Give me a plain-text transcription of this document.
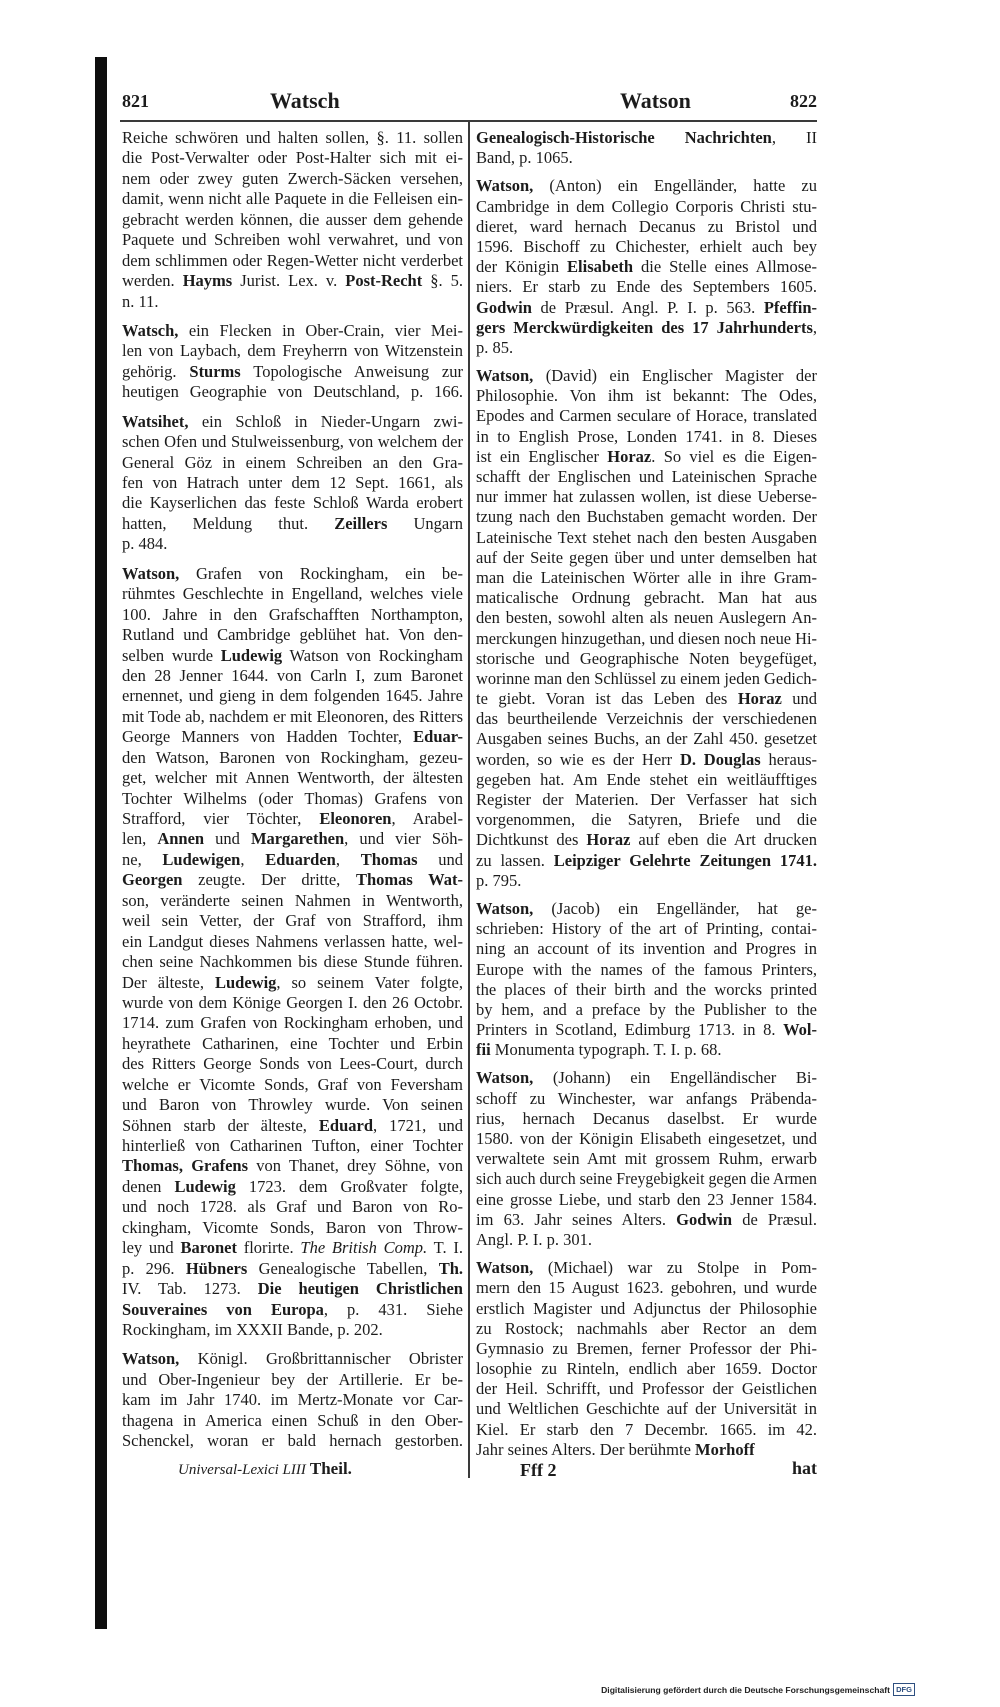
821	Watsch	Watson	822
Reiche schwören und halten sollen, §. 11. sollen
die Post-Verwalter oder Post-Halter sich mit ei-
nem oder zwey guten Zwerch-Säcken versehen,
damit, wenn nicht alle Paquete in die Felleisen ein-
gebracht werden können, die ausser dem gehende
Paquete und Schreiben wohl verwahret, und von
dem schlimmen oder Regen-Wetter nicht verderbet
werden. Hayms Jurist. Lex. v. Post-Recht §. 5.
n. 11.
Watsch, ein Flecken in Ober-Crain, vier Mei-
len von Laybach, dem Freyherrn von Witzenstein
gehörig. Sturms Topologische Anweisung zur
heutigen Geographie von Deutschland, p. 166.
Watsihet, ein Schloß in Nieder-Ungarn zwi-
schen Ofen und Stulweissenburg, von welchem der
General Göz in einem Schreiben an den Gra-
fen von Hatrach unter dem 12 Sept. 1661, als
die Kayserlichen das feste Schloß Warda erobert
hatten, Meldung thut. Zeillers Ungarn
p. 484.
Watson, Grafen von Rockingham, ein be-
rühmtes Geschlechte in Engelland, welches viele
100. Jahre in den Grafschafften Northampton,
Rutland und Cambridge geblühet hat. Von den-
selben wurde Ludewig Watson von Rockingham
den 28 Jenner 1644. von Carln I, zum Baronet
ernennet, und gieng in dem folgenden 1645. Jahre
mit Tode ab, nachdem er mit Eleonoren, des Ritters
George Manners von Hadden Tochter, Eduar-
den Watson, Baronen von Rockingham, gezeu-
get, welcher mit Annen Wentworth, der ältesten
Tochter Wilhelms (oder Thomas) Grafens von
Strafford, vier Töchter, Eleonoren, Arabel-
len, Annen und Margarethen, und vier Söh-
ne, Ludewigen, Eduarden, Thomas und
Georgen zeugte. Der dritte, Thomas Wat-
son, veränderte seinen Nahmen in Wentworth,
weil sein Vetter, der Graf von Strafford, ihm
ein Landgut dieses Nahmens verlassen hatte, wel-
chen seine Nachkommen bis diese Stunde führen.
Der älteste, Ludewig, so seinem Vater folgte,
wurde von dem Könige Georgen I. den 26 Octobr.
1714. zum Grafen von Rockingham erhoben, und
heyrathete Catharinen, eine Tochter und Erbin
des Ritters George Sonds von Lees-Court, durch
welche er Vicomte Sonds, Graf von Feversham
und Baron von Throwley wurde. Von seinen
Söhnen starb der älteste, Eduard, 1721, und
hinterließ von Catharinen Tufton, einer Tochter
Thomas, Grafens von Thanet, drey Söhne, von
denen Ludewig 1723. dem Großvater folgte,
und noch 1728. als Graf und Baron von Ro-
ckingham, Vicomte Sonds, Baron von Throw-
ley und Baronet florirte. The British Comp. T. I.
p. 296. Hübners Genealogische Tabellen, Th.
IV. Tab. 1273. Die heutigen Christlichen
Souveraines von Europa, p. 431. Siehe
Rockingham, im XXXII Bande, p. 202.
Watson, Königl. Großbrittannischer Obrister
und Ober-Ingenieur bey der Artillerie. Er be-
kam im Jahr 1740. im Mertz-Monate vor Car-
thagena in America einen Schuß in den Ober-
Schenckel, woran er bald hernach gestorben.
Genealogisch-Historische Nachrichten, II
Band, p. 1065.
Watson, (Anton) ein Engelländer, hatte zu
Cambridge in dem Collegio Corporis Christi stu-
dieret, ward hernach Decanus zu Bristol und
1596. Bischoff zu Chichester, erhielt auch bey
der Königin Elisabeth die Stelle eines Allmose-
niers. Er starb zu Ende des Septembers 1605.
Godwin de Præsul. Angl. P. I. p. 563. Pfeffin-
gers Merckwürdigkeiten des 17 Jahrhunderts,
p. 85.
Watson, (David) ein Englischer Magister der
Philosophie. Von ihm ist bekannt: The Odes,
Epodes and Carmen seculare of Horace, translated
in to English Prose, Londen 1741. in 8. Dieses
ist ein Englischer Horaz. So viel es die Eigen-
schafft der Englischen und Lateinischen Sprache
nur immer hat zulassen wollen, ist diese Ueberse-
tzung nach den Buchstaben gemacht worden. Der
Lateinische Text stehet nach den besten Ausgaben
auf der Seite gegen über und unter demselben hat
man die Lateinischen Wörter alle in ihre Gram-
maticalische Ordnung gebracht. Man hat aus
den besten, sowohl alten als neuen Auslegern An-
merckungen hinzugethan, und diesen noch neue Hi-
storische und Geographische Noten beygefüget,
worinne man den Schlüssel zu einem jeden Gedich-
te giebt. Voran ist das Leben des Horaz und
das beurtheilende Verzeichnis der verschiedenen
Ausgaben seines Buchs, an der Zahl 450. gesetzet
worden, so wie es der Herr D. Douglas heraus-
gegeben hat. Am Ende stehet ein weitläufftiges
Register der Materien. Der Verfasser hat sich
vorgenommen, die Satyren, Briefe und die
Dichtkunst des Horaz auf eben die Art drucken
zu lassen. Leipziger Gelehrte Zeitungen 1741.
p. 795.
Watson, (Jacob) ein Engelländer, hat ge-
schrieben: History of the art of Printing, contai-
ning an account of its invention and Progres in
Europe with the names of the famous Printers,
the places of their birth and the worcks printed
by hem, and a preface by the Publisher to the
Printers in Scotland, Edimburg 1713. in 8. Wol-
fii Monumenta typograph. T. I. p. 68.
Watson, (Johann) ein Engelländischer Bi-
schoff zu Winchester, war anfangs Präbenda-
rius, hernach Decanus daselbst. Er wurde
1580. von der Königin Elisabeth eingesetzet, und
verwaltete sein Amt mit grossem Ruhm, erwarb
sich auch durch seine Freygebigkeit gegen die Armen
eine grosse Liebe, und starb den 23 Jenner 1584.
im 63. Jahr seines Alters. Godwin de Præsul.
Angl. P. I. p. 301.
Watson, (Michael) war zu Stolpe in Pom-
mern den 15 August 1623. gebohren, und wurde
erstlich Magister und Adjunctus der Philosophie
zu Rostock; nachmahls aber Rector an dem
Gymnasio zu Bremen, ferner Professor der Phi-
losophie zu Rinteln, endlich aber 1659. Doctor
der Heil. Schrifft, und Professor der Geistlichen
und Weltlichen Geschichte auf der Universität in
Kiel. Er starb den 7 Decembr. 1665. im 42.
Jahr seines Alters. Der berühmte Morhoff
Universal-Lexici LIII Theil.	Fff 2	hat
Digitalisierung gefördert durch die Deutsche Forschungsgemeinschaft DFG
